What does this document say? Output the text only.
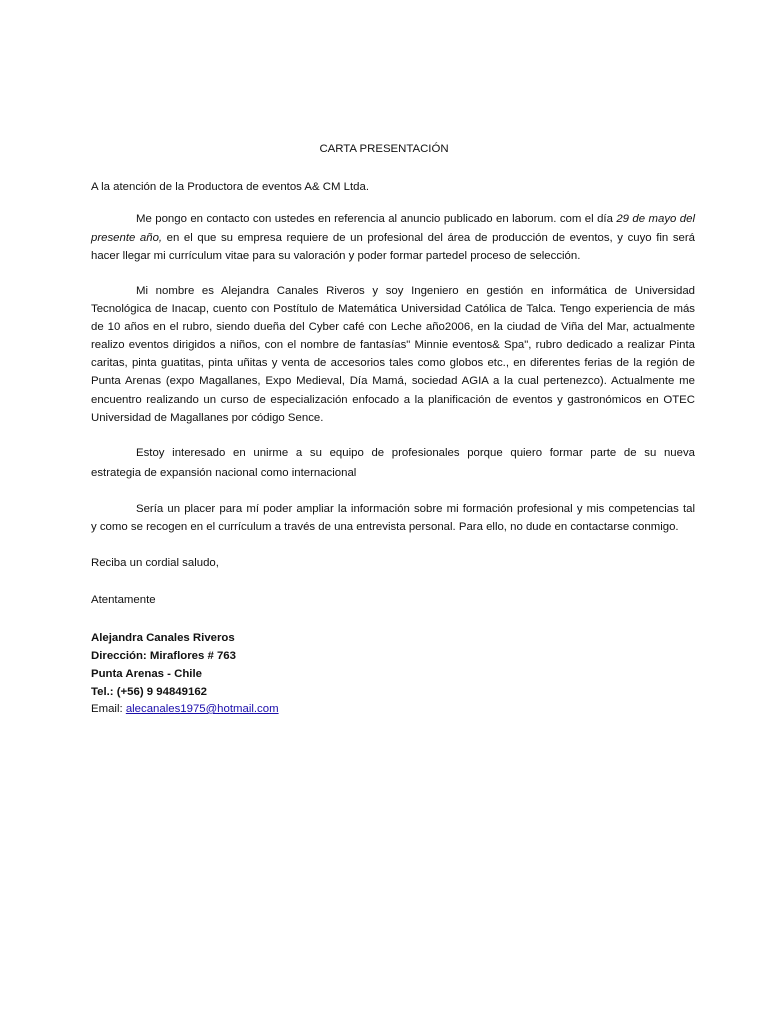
CARTA PRESENTACIÓN
A la atención de la Productora de eventos A& CM Ltda.
Me pongo en contacto con ustedes en referencia al anuncio publicado en laborum. com el día 29 de mayo del
presente año, en el que su empresa requiere de un profesional del área de producción de eventos, y cuyo fin será
hacer llegar mi currículum vitae para su valoración y poder formar partedel proceso de selección.
Mi nombre es Alejandra Canales Riveros y soy Ingeniero en gestión en informática de Universidad
Tecnológica de Inacap, cuento con Postítulo de Matemática Universidad Católica de Talca. Tengo experiencia de más
de 10 años en el rubro, siendo dueña del Cyber café con Leche año2006, en la ciudad de Viña del Mar, actualmente
realizo eventos dirigidos a niños, con el nombre de fantasías" Minnie eventos& Spa", rubro dedicado a realizar Pinta
caritas, pinta guatitas, pinta uñitas y venta de accesorios tales como globos etc., en diferentes ferias de la región de
Punta Arenas (expo Magallanes, Expo Medieval, Día Mamá, sociedad AGIA a la cual pertenezco). Actualmente me
encuentro realizando un curso de especialización enfocado a la planificación de eventos y gastronómicos en OTEC
Universidad de Magallanes por código Sence.
Estoy interesado en unirme a su equipo de profesionales porque quiero formar parte de su nueva
estrategia de expansión nacional como internacional
Sería un placer para mí poder ampliar la información sobre mi formación profesional y mis competencias tal
y como se recogen en el currículum a través de una entrevista personal. Para ello, no dude en contactarse conmigo.
Reciba un cordial saludo,
Atentamente
Alejandra Canales Riveros
Dirección: Miraflores # 763
Punta Arenas - Chile
Tel.: (+56) 9 94849162
Email: alecanales1975@hotmail.com
